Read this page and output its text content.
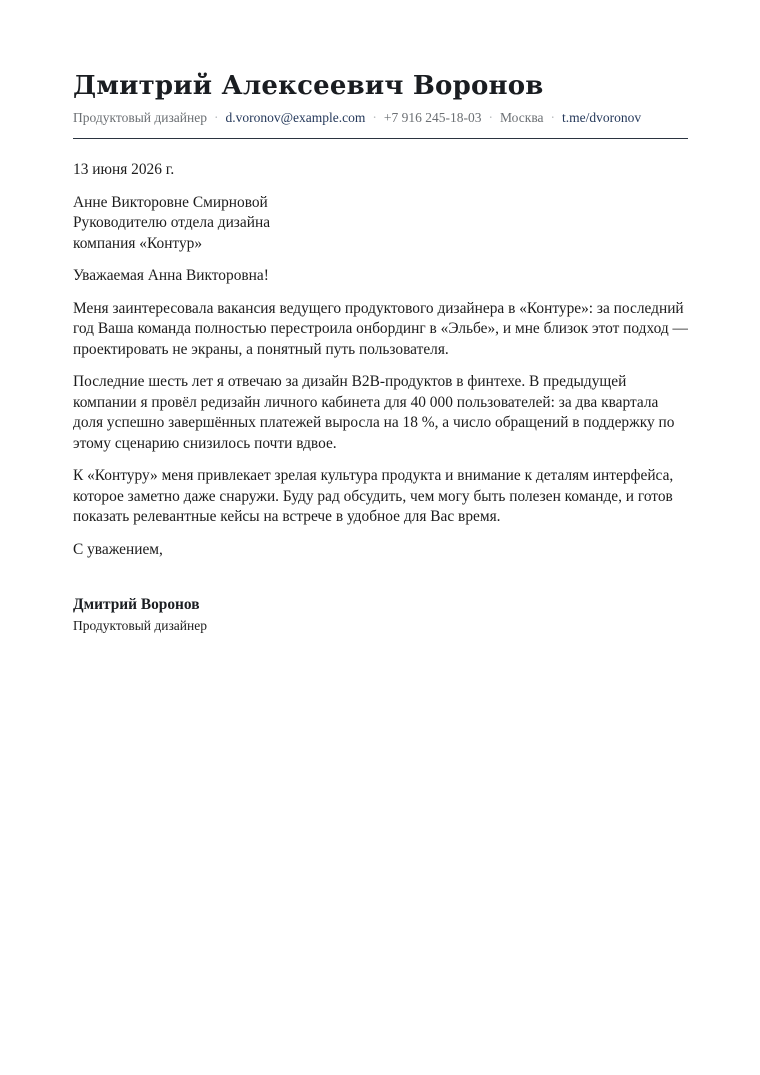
Дмитрий Алексеевич Воронов
Продуктовый дизайнер · d.voronov@example.com · +7 916 245-18-03 · Москва · t.me/dvoronov
13 июня 2026 г.
Анне Викторовне Смирновой
Руководителю отдела дизайна
компания «Контур»
Уважаемая Анна Викторовна!

Меня заинтересовала вакансия ведущего продуктового дизайнера в «Контуре»: за последний год Ваша команда полностью перестроила онбординг в «Эльбе», и мне близок этот подход — проектировать не экраны, а понятный путь пользователя.

Последние шесть лет я отвечаю за дизайн B2B-продуктов в финтехе. В предыдущей компании я провёл редизайн личного кабинета для 40 000 пользователей: за два квартала доля успешно завершённых платежей выросла на 18 %, а число обращений в поддержку по этому сценарию снизилось почти вдвое.

К «Контуру» меня привлекает зрелая культура продукта и внимание к деталям интерфейса, которое заметно даже снаружи. Буду рад обсудить, чем могу быть полезен команде, и готов показать релевантные кейсы на встрече в удобное для Вас время.

С уважением,
Дмитрий Воронов
Продуктовый дизайнер
